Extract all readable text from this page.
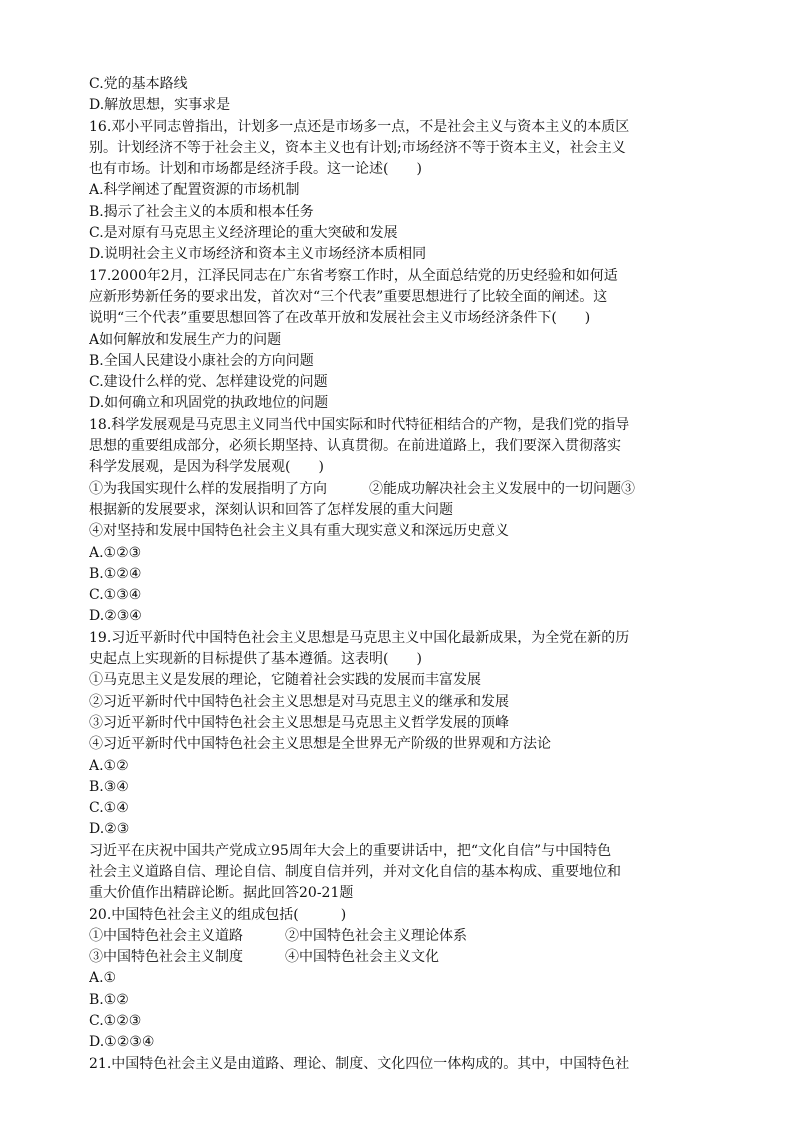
C.党的基本路线
D.解放思想，实事求是
16.邓小平同志曾指出，计划多一点还是市场多一点，不是社会主义与资本主义的本质区
别。计划经济不等于社会主义，资本主义也有计划;市场经济不等于资本主义，社会主义
也有市场。计划和市场都是经济手段。这一论述(　　)
A.科学阐述了配置资源的市场机制
B.揭示了社会主义的本质和根本任务
C.是对原有马克思主义经济理论的重大突破和发展
D.说明社会主义市场经济和资本主义市场经济本质相同
17.2000年2月，江泽民同志在广东省考察工作时，从全面总结党的历史经验和如何适
应新形势新任务的要求出发，首次对“三个代表”重要思想进行了比较全面的阐述。这
说明“三个代表”重要思想回答了在改革开放和发展社会主义市场经济条件下(　　)
A如何解放和发展生产力的问题
B.全国人民建设小康社会的方向问题
C.建设什么样的党、怎样建设党的问题
D.如何确立和巩固党的执政地位的问题
18.科学发展观是马克思主义同当代中国实际和时代特征相结合的产物，是我们党的指导
思想的重要组成部分，必须长期坚持、认真贯彻。在前进道路上，我们要深入贯彻落实
科学发展观，是因为科学发展观(　　)
①为我国实现什么样的发展指明了方向　　　②能成功解决社会主义发展中的一切问题③
根据新的发展要求，深刻认识和回答了怎样发展的重大问题
④对坚持和发展中国特色社会主义具有重大现实意义和深远历史意义
A.①②③
B.①②④
C.①③④
D.②③④
19.习近平新时代中国特色社会主义思想是马克思主义中国化最新成果，为全党在新的历
史起点上实现新的目标提供了基本遵循。这表明(　　)
①马克思主义是发展的理论，它随着社会实践的发展而丰富发展
②习近平新时代中国特色社会主义思想是对马克思主义的继承和发展
③习近平新时代中国特色社会主义思想是马克思主义哲学发展的顶峰
④习近平新时代中国特色社会主义思想是全世界无产阶级的世界观和方法论
A.①②
B.③④
C.①④
D.②③
习近平在庆祝中国共产党成立95周年大会上的重要讲话中，把“文化自信”与中国特色
社会主义道路自信、理论自信、制度自信并列，并对文化自信的基本构成、重要地位和
重大价值作出精辟论断。据此回答20-21题
20.中国特色社会主义的组成包括(　　　)
①中国特色社会主义道路　　　②中国特色社会主义理论体系
③中国特色社会主义制度　　　④中国特色社会主义文化
A.①
B.①②
C.①②③
D.①②③④
21.中国特色社会主义是由道路、理论、制度、文化四位一体构成的。其中，中国特色社
